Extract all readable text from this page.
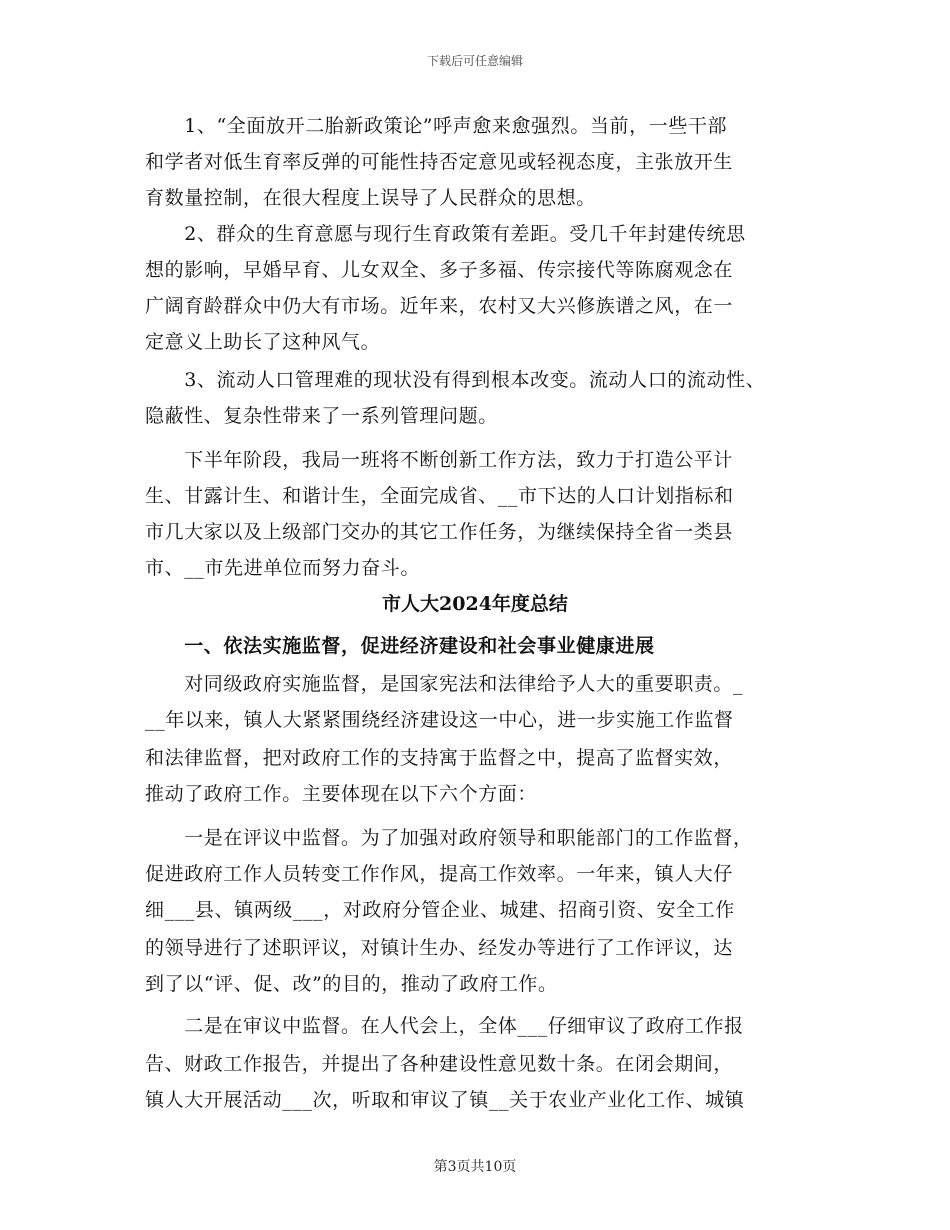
下载后可任意编辑
　　1、“全面放开二胎新政策论”呼声愈来愈强烈。当前，一些干部
和学者对低生育率反弹的可能性持否定意见或轻视态度，主张放开生
育数量控制，在很大程度上误导了人民群众的思想。
　　2、群众的生育意愿与现行生育政策有差距。受几千年封建传统思
想的影响，早婚早育、儿女双全、多子多福、传宗接代等陈腐观念在
广阔育龄群众中仍大有市场。近年来，农村又大兴修族谱之风，在一
定意义上助长了这种风气。
　　3、流动人口管理难的现状没有得到根本改变。流动人口的流动性、
隐蔽性、复杂性带来了一系列管理问题。
　　下半年阶段，我局一班将不断创新工作方法，致力于打造公平计
生、甘露计生、和谐计生，全面完成省、__市下达的人口计划指标和
市几大家以及上级部门交办的其它工作任务，为继续保持全省一类县
市、__市先进单位而努力奋斗。
市人大2024年度总结
　　一、依法实施监督，促进经济建设和社会事业健康进展
　　对同级政府实施监督，是国家宪法和法律给予人大的重要职责。_
__年以来，镇人大紧紧围绕经济建设这一中心，进一步实施工作监督
和法律监督，把对政府工作的支持寓于监督之中，提高了监督实效，
推动了政府工作。主要体现在以下六个方面：
　　一是在评议中监督。为了加强对政府领导和职能部门的工作监督，
促进政府工作人员转变工作作风，提高工作效率。一年来，镇人大仔
细___县、镇两级___，对政府分管企业、城建、招商引资、安全工作
的领导进行了述职评议，对镇计生办、经发办等进行了工作评议，达
到了以“评、促、改”的目的，推动了政府工作。
　　二是在审议中监督。在人代会上，全体___仔细审议了政府工作报
告、财政工作报告，并提出了各种建设性意见数十条。在闭会期间，
镇人大开展活动___次，听取和审议了镇__关于农业产业化工作、城镇
第3页共10页
